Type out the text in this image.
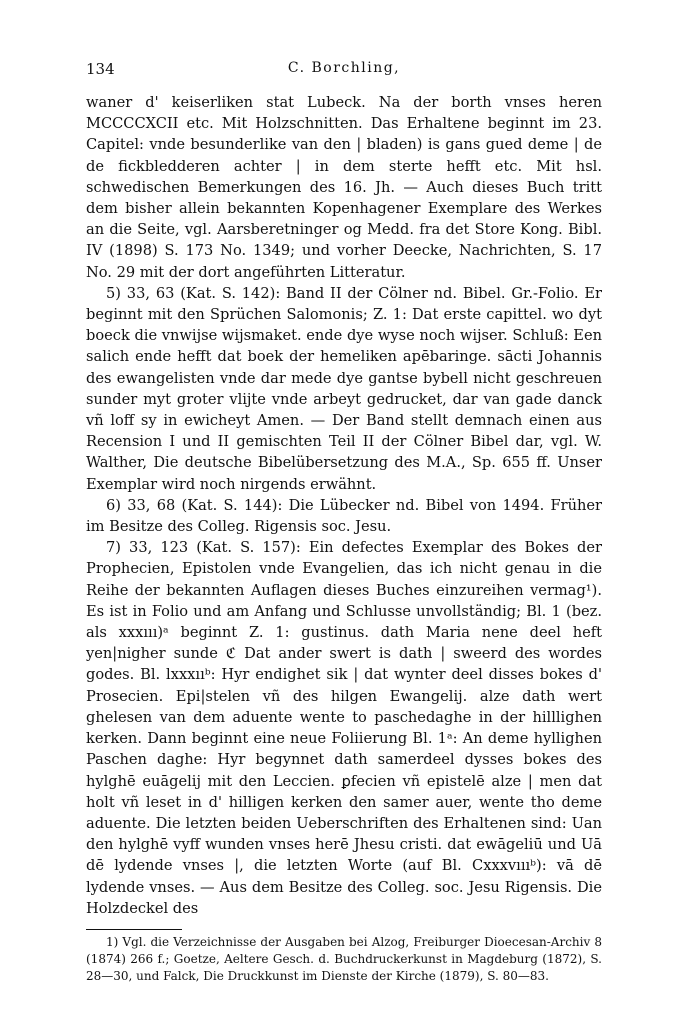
134	C. Borchling,

waner d' keiserliken stat Lubeck. Na der borth vnses heren MCCCCXCII etc. Mit Holzschnitten. Das Erhaltene beginnt im 23. Capitel: vnde besunderlike van den | bladen) is gans gued deme | de de fickbledderen achter | in dem sterte hefft etc. Mit hsl. schwedischen Bemerkungen des 16. Jh. — Auch dieses Buch tritt dem bisher allein bekannten Kopenhagener Exemplare des Werkes an die Seite, vgl. Aarsberetninger og Medd. fra det Store Kong. Bibl. IV (1898) S. 173 No. 1349; und vorher Deecke, Nachrichten, S. 17 No. 29 mit der dort angeführten Litteratur.

5) 33, 63 (Kat. S. 142): Band II der Cölner nd. Bibel. Gr.-Folio. Er beginnt mit den Sprüchen Salomonis; Z. 1: Dat erste capittel. wo dyt boeck die vnwijse wijsmaket. ende dye wyse noch wijser. Schluß: Een salich ende hefft dat boek der hemeliken apēbaringe. sācti Johannis des ewangelisten vnde dar mede dye gantse bybell nicht geschreuen sunder myt groter vlijte vnde arbeyt gedrucket, dar van gade danck vñ loff sy in ewicheyt Amen. — Der Band stellt demnach einen aus Recension I und II gemischten Teil II der Cölner Bibel dar, vgl. W. Walther, Die deutsche Bibelübersetzung des M.A., Sp. 655 ff. Unser Exemplar wird noch nirgends erwähnt.

6) 33, 68 (Kat. S. 144): Die Lübecker nd. Bibel von 1494. Früher im Besitze des Colleg. Rigensis soc. Jesu.

7) 33, 123 (Kat. S. 157): Ein defectes Exemplar des Bokes der Prophecien, Epistolen vnde Evangelien, das ich nicht genau in die Reihe der bekannten Auflagen dieses Buches einzureihen vermag¹). Es ist in Folio und am Anfang und Schlusse unvollständig; Bl. 1 (bez. als xxxııı)ᵃ beginnt Z. 1: gustinus. dath Maria nene deel heft yen|nigher sunde ℭ Dat ander swert is dath | sweerd des wordes godes. Bl. lxxxııᵇ: Hyr endighet sik | dat wynter deel disses bokes d' Prosecien. Epi|stelen vñ des hilgen Ewangelij. alze dath wert ghelesen van dem aduente wente to paschedaghe in der hilllighen kerken. Dann beginnt eine neue Foliierung Bl. 1ᵃ: An deme hyllighen Paschen daghe: Hyr begynnet dath samerdeel dysses bokes des hylghē euāgelij mit den Leccien. ꝑfecien vñ epistelē alze | men dat holt vñ leset in d' hilligen kerken den samer auer, wente tho deme aduente. Die letzten beiden Ueberschriften des Erhaltenen sind: Uan den hylghē vyff wunden vnses herē Jhesu cristi. dat ewāgeliū und Uā dē lydende vnses |, die letzten Worte (auf Bl. Cxxxvıııᵇ): vā dē lydende vnses. — Aus dem Besitze des Colleg. soc. Jesu Rigensis. Die Holzdeckel des

1) Vgl. die Verzeichnisse der Ausgaben bei Alzog, Freiburger Dioecesan-Archiv 8 (1874) 266 f.; Goetze, Aeltere Gesch. d. Buchdruckerkunst in Magdeburg (1872), S. 28—30, und Falck, Die Druckkunst im Dienste der Kirche (1879), S. 80—83.
